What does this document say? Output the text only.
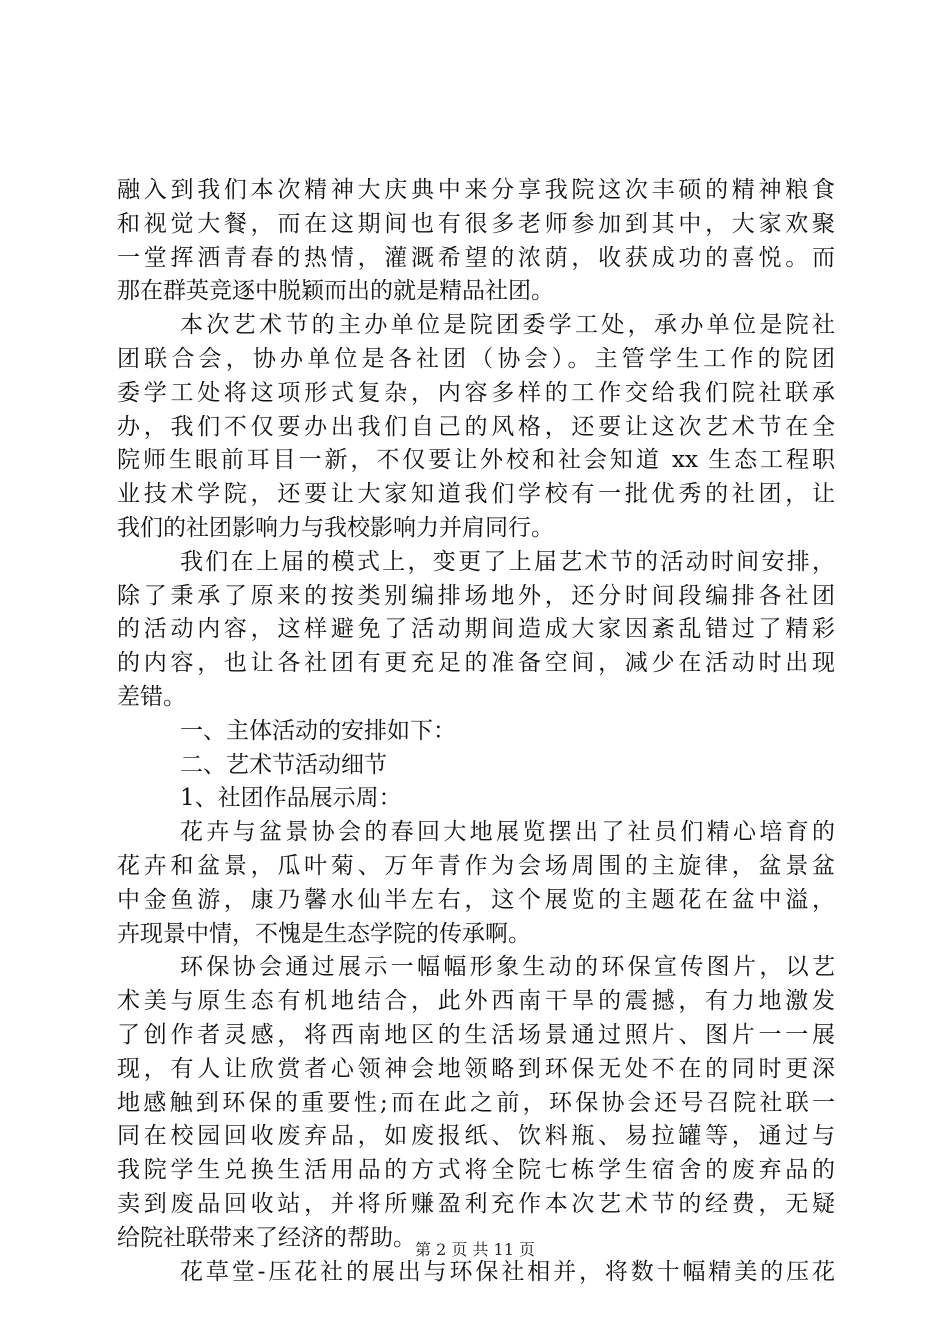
融入到我们本次精神大庆典中来分享我院这次丰硕的精神粮食
和视觉大餐，而在这期间也有很多老师参加到其中，大家欢聚
一堂挥洒青春的热情，灌溉希望的浓荫，收获成功的喜悦。而
那在群英竞逐中脱颖而出的就是精品社团。
本次艺术节的主办单位是院团委学工处，承办单位是院社
团联合会，协办单位是各社团（协会）。主管学生工作的院团
委学工处将这项形式复杂，内容多样的工作交给我们院社联承
办，我们不仅要办出我们自己的风格，还要让这次艺术节在全
院师生眼前耳目一新，不仅要让外校和社会知道 xx 生态工程职
业技术学院，还要让大家知道我们学校有一批优秀的社团，让
我们的社团影响力与我校影响力并肩同行。
我们在上届的模式上，变更了上届艺术节的活动时间安排，
除了秉承了原来的按类别编排场地外，还分时间段编排各社团
的活动内容，这样避免了活动期间造成大家因紊乱错过了精彩
的内容，也让各社团有更充足的准备空间，减少在活动时出现
差错。
一、主体活动的安排如下：
二、艺术节活动细节
1、社团作品展示周：
花卉与盆景协会的春回大地展览摆出了社员们精心培育的
花卉和盆景，瓜叶菊、万年青作为会场周围的主旋律，盆景盆
中金鱼游，康乃馨水仙半左右，这个展览的主题花在盆中溢，
卉现景中情，不愧是生态学院的传承啊。
环保协会通过展示一幅幅形象生动的环保宣传图片，以艺
术美与原生态有机地结合，此外西南干旱的震撼，有力地激发
了创作者灵感，将西南地区的生活场景通过照片、图片一一展
现，有人让欣赏者心领神会地领略到环保无处不在的同时更深
地感触到环保的重要性;而在此之前，环保协会还号召院社联一
同在校园回收废弃品，如废报纸、饮料瓶、易拉罐等，通过与
我院学生兑换生活用品的方式将全院七栋学生宿舍的废弃品的
卖到废品回收站，并将所赚盈利充作本次艺术节的经费，无疑
给院社联带来了经济的帮助。
花草堂-压花社的展出与环保社相并，将数十幅精美的压花
第 2 页 共 11 页
